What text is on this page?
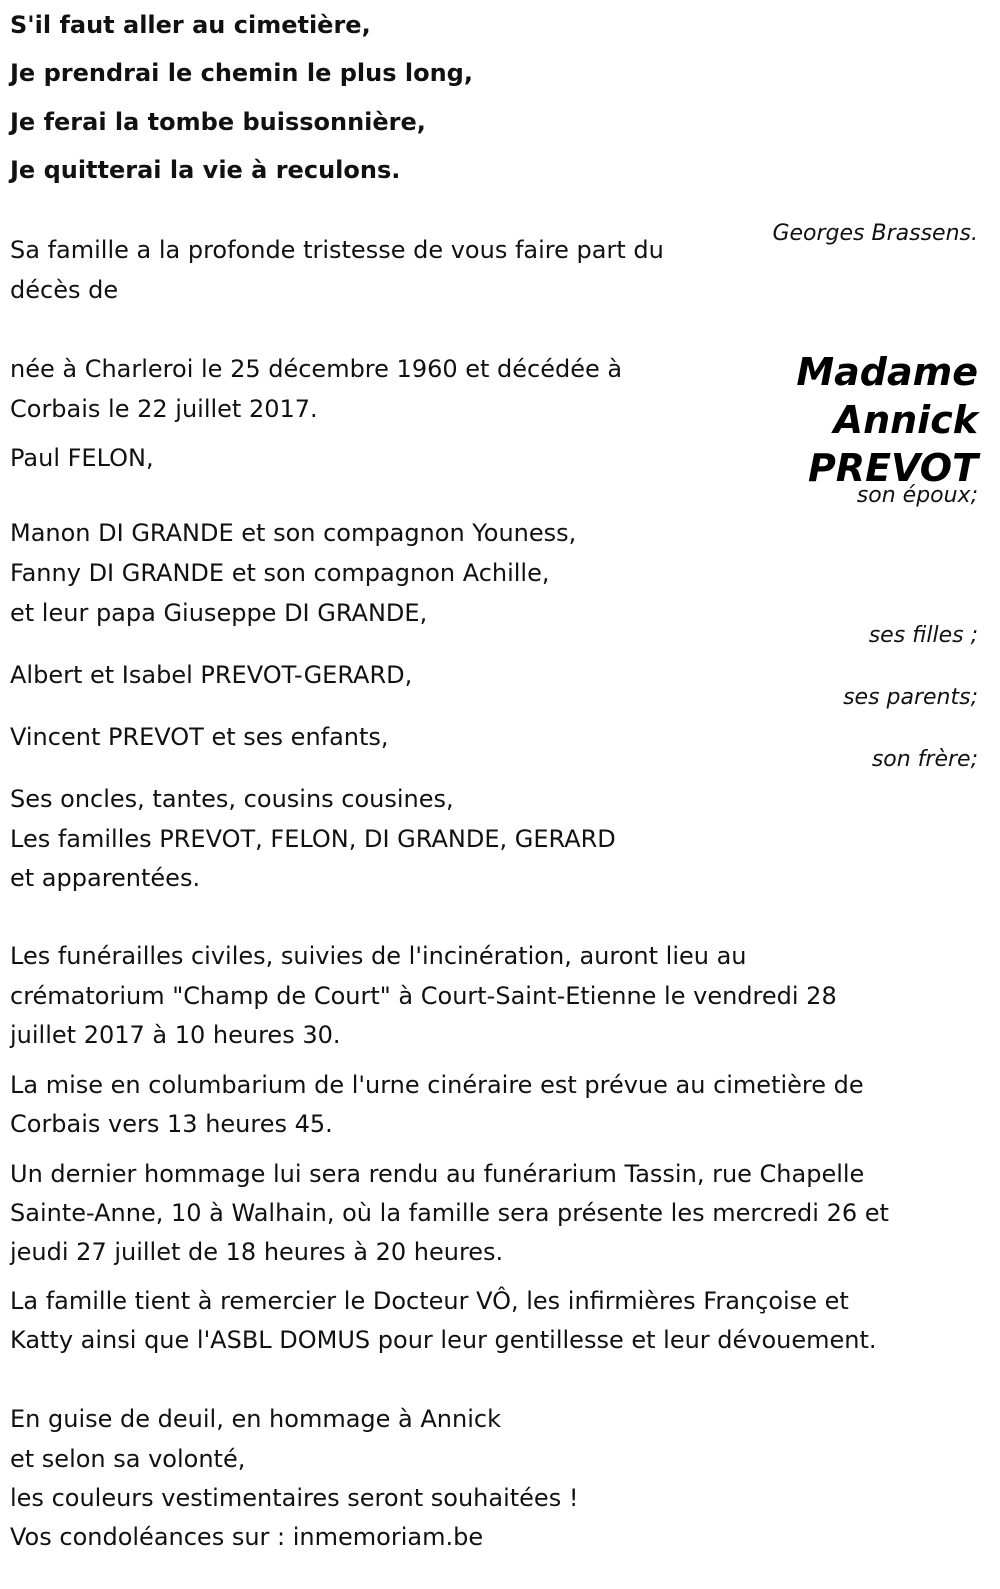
S'il faut aller au cimetière,
Je prendrai le chemin le plus long,
Je ferai la tombe buissonnière,
Je quitterai la vie à reculons.
Georges Brassens.
Sa famille a la profonde tristesse de vous faire part du
décès de
Madame
Annick
PREVOT
née à Charleroi le 25 décembre 1960 et décédée à
Corbais le 22 juillet 2017.
Paul FELON,
son époux;
Manon DI GRANDE et son compagnon Youness,
Fanny DI GRANDE et son compagnon Achille,
et leur papa Giuseppe DI GRANDE,
ses filles ;
Albert et Isabel PREVOT-GERARD,
ses parents;
Vincent PREVOT et ses enfants,
son frère;
Ses oncles, tantes, cousins cousines,
Les familles PREVOT, FELON, DI GRANDE, GERARD
et apparentées.
Les funérailles civiles, suivies de l'incinération, auront lieu au
crématorium "Champ de Court" à Court-Saint-Etienne le vendredi 28
juillet 2017 à 10 heures 30.
La mise en columbarium de l'urne cinéraire est prévue au cimetière de
Corbais vers 13 heures 45.
Un dernier hommage lui sera rendu au funérarium Tassin, rue Chapelle
Sainte-Anne, 10 à Walhain, où la famille sera présente les mercredi 26 et
jeudi 27 juillet de 18 heures à 20 heures.
La famille tient à remercier le Docteur VÔ, les infirmières Françoise et
Katty ainsi que l'ASBL DOMUS pour leur gentillesse et leur dévouement.
En guise de deuil, en hommage à Annick
et selon sa volonté,
les couleurs vestimentaires seront souhaitées !
Vos condoléances sur : inmemoriam.be
